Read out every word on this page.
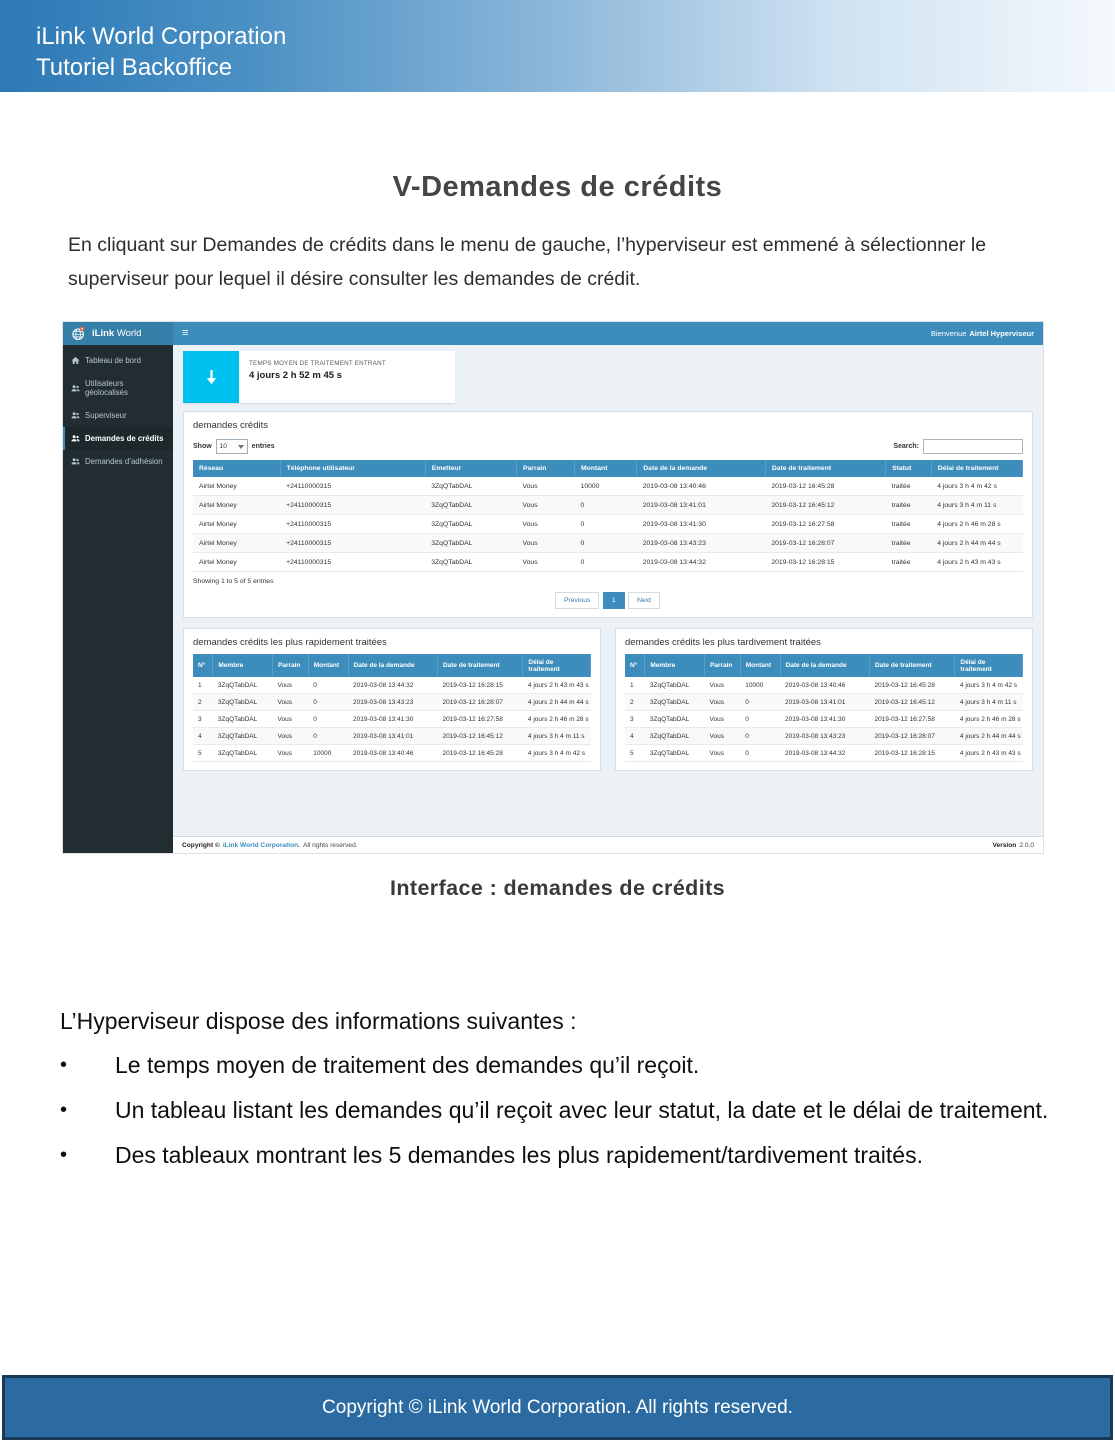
iLink World Corporation
Tutoriel Backoffice
V-Demandes de crédits

En cliquant sur Demandes de crédits dans le menu de gauche, l’hyperviseur est emmené à sélectionner le superviseur pour lequel il désire consulter les demandes de crédit.

iLink World	≡	Bienvenue Airtel Hyperviseur
Tableau de bord
Utilisateurs géolocalisés
Superviseur
Demandes de crédits
Demandes d’adhésion
TEMPS MOYEN DE TRAITEMENT ENTRANT
4 jours 2 h 52 m 45 s
demandes crédits
Show 10	entries	Search:
Réseau	Téléphone utilisateur	Emetteur	Parrain	Montant	Date de la demande	Date de traitement	Statut	Délai de traitement
Airtel Money	+24110000315	3ZqQTabDAL	Vous	10000	2019-03-08 13:40:46	2019-03-12 16:45:28	traitée	4 jours 3 h 4 m 42 s
Airtel Money	+24110000315	3ZqQTabDAL	Vous	0	2019-03-08 13:41:01	2019-03-12 16:45:12	traitée	4 jours 3 h 4 m 11 s
Airtel Money	+24110000315	3ZqQTabDAL	Vous	0	2019-03-08 13:41:30	2019-03-12 16:27:58	traitée	4 jours 2 h 46 m 28 s
Airtel Money	+24110000315	3ZqQTabDAL	Vous	0	2019-03-08 13:43:23	2019-03-12 16:28:07	traitée	4 jours 2 h 44 m 44 s
Airtel Money	+24110000315	3ZqQTabDAL	Vous	0	2019-03-08 13:44:32	2019-03-12 16:28:15	traitée	4 jours 2 h 43 m 43 s
Showing 1 to 5 of 5 entries
Previous	1	Next
demandes crédits les plus rapidement traitées
N°	Membre	Parrain	Montant	Date de la demande	Date de traitement	Délai de traitement
1	3ZqQTabDAL	Vous	0	2019-03-08 13:44:32	2019-03-12 16:28:15	4 jours 2 h 43 m 43 s
2	3ZqQTabDAL	Vous	0	2019-03-08 13:43:23	2019-03-12 16:28:07	4 jours 2 h 44 m 44 s
3	3ZqQTabDAL	Vous	0	2019-03-08 13:41:30	2019-03-12 16:27:58	4 jours 2 h 46 m 28 s
4	3ZqQTabDAL	Vous	0	2019-03-08 13:41:01	2019-03-12 16:45:12	4 jours 3 h 4 m 11 s
5	3ZqQTabDAL	Vous	10000	2019-03-08 13:40:46	2019-03-12 16:45:28	4 jours 3 h 4 m 42 s
demandes crédits les plus tardivement traitées
N°	Membre	Parrain	Montant	Date de la demande	Date de traitement	Délai de traitement
1	3ZqQTabDAL	Vous	10000	2019-03-08 13:40:46	2019-03-12 16:45:28	4 jours 3 h 4 m 42 s
2	3ZqQTabDAL	Vous	0	2019-03-08 13:41:01	2019-03-12 16:45:12	4 jours 3 h 4 m 11 s
3	3ZqQTabDAL	Vous	0	2019-03-08 13:41:30	2019-03-12 16:27:58	4 jours 2 h 46 m 28 s
4	3ZqQTabDAL	Vous	0	2019-03-08 13:43:23	2019-03-12 16:28:07	4 jours 2 h 44 m 44 s
5	3ZqQTabDAL	Vous	0	2019-03-08 13:44:32	2019-03-12 16:28:15	4 jours 2 h 43 m 43 s
Copyright © iLink World Corporation. All rights reserved.	Version 2.0.0
Interface : demandes de crédits
L’Hyperviseur dispose des informations suivantes :
• Le temps moyen de traitement des demandes qu’il reçoit.
• Un tableau listant les demandes qu’il reçoit avec leur statut, la date et le délai de traitement.
• Des tableaux montrant les 5 demandes les plus rapidement/tardivement traités.
Copyright © iLink World Corporation. All rights reserved.
